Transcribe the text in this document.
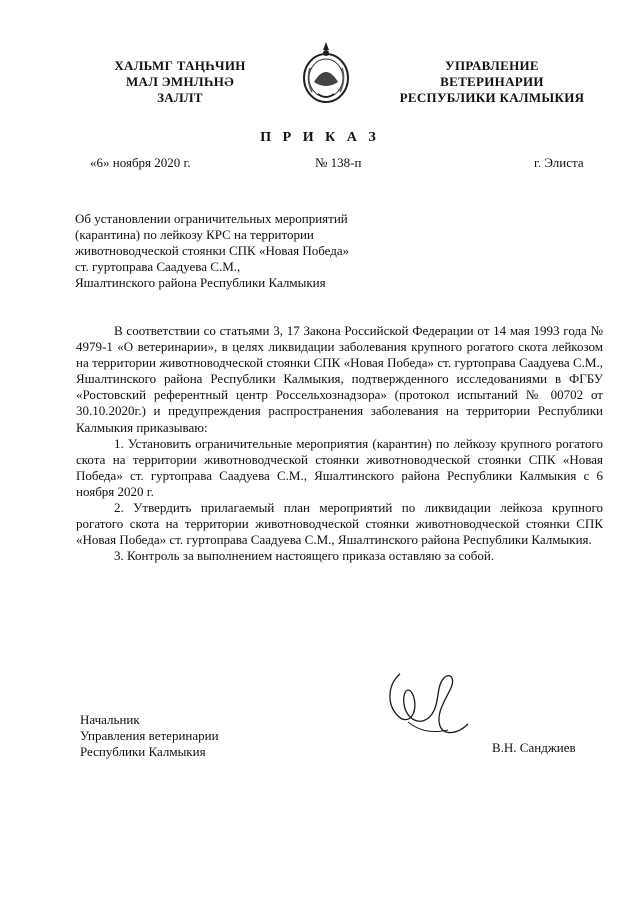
ХАЛЬМГ ТАҢҺЧИН
МАЛ ЭМНЛҺНӘ
ЗАЛЛТ
УПРАВЛЕНИЕ
ВЕТЕРИНАРИИ
РЕСПУБЛИКИ КАЛМЫКИЯ
П Р И К А З
«6» ноября 2020 г.	№ 138-п	г. Элиста
Об установлении ограничительных мероприятий
(карантина) по лейкозу КРС на территории
животноводческой стоянки СПК «Новая Победа»
ст. гуртоправа Саадуева С.М.,
Яшалтинского района Республики Калмыкия

В соответствии со статьями 3, 17 Закона Российской Федерации от 14 мая 1993 года № 4979-1 «О ветеринарии», в целях ликвидации заболевания крупного рогатого скота лейкозом на территории животноводческой стоянки СПК «Новая Победа» ст. гуртоправа Саадуева С.М., Яшалтинского района Республики Калмыкия, подтвержденного исследованиями в ФГБУ «Ростовский референтный центр Россельхознадзора» (протокол испытаний № 00702 от 30.10.2020г.) и предупреждения распространения заболевания на территории Республики Калмыкия приказываю:

1. Установить ограничительные мероприятия (карантин) по лейкозу крупного рогатого скота на территории животноводческой стоянки животноводческой стоянки СПК «Новая Победа» ст. гуртоправа Саадуева С.М., Яшалтинского района Республики Калмыкия с 6 ноября 2020 г.

2. Утвердить прилагаемый план мероприятий по ликвидации лейкоза крупного рогатого скота на территории животноводческой стоянки животноводческой стоянки СПК «Новая Победа» ст. гуртоправа Саадуева С.М., Яшалтинского района Республики Калмыкия.

3. Контроль за выполнением настоящего приказа оставляю за собой.

Начальник
Управления ветеринарии
Республики Калмыкия	В.Н. Санджиев
